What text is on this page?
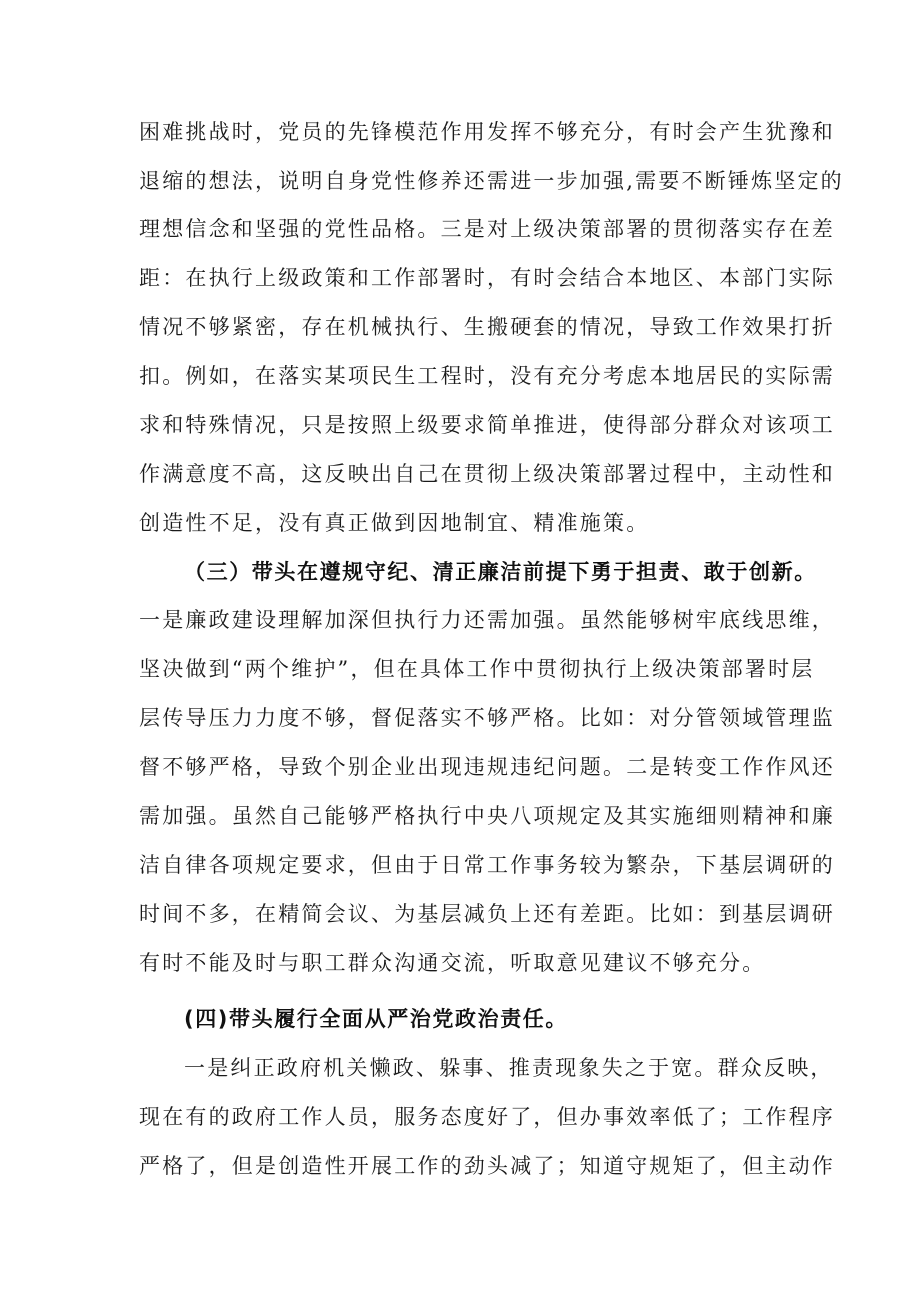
困难挑战时，党员的先锋模范作用发挥不够充分，有时会产生犹豫和
退缩的想法，说明自身党性修养还需进一步加强,需要不断锤炼坚定的
理想信念和坚强的党性品格。三是对上级决策部署的贯彻落实存在差
距：在执行上级政策和工作部署时，有时会结合本地区、本部门实际
情况不够紧密，存在机械执行、生搬硬套的情况，导致工作效果打折
扣。例如，在落实某项民生工程时，没有充分考虑本地居民的实际需
求和特殊情况，只是按照上级要求简单推进，使得部分群众对该项工
作满意度不高，这反映出自己在贯彻上级决策部署过程中，主动性和
创造性不足，没有真正做到因地制宜、精准施策。
（三）带头在遵规守纪、清正廉洁前提下勇于担责、敢于创新。
一是廉政建设理解加深但执行力还需加强。虽然能够树牢底线思维，
坚决做到“两个维护”，但在具体工作中贯彻执行上级决策部署时层
层传导压力力度不够，督促落实不够严格。比如：对分管领域管理监
督不够严格，导致个别企业出现违规违纪问题。二是转变工作作风还
需加强。虽然自己能够严格执行中央八项规定及其实施细则精神和廉
洁自律各项规定要求，但由于日常工作事务较为繁杂，下基层调研的
时间不多，在精简会议、为基层减负上还有差距。比如：到基层调研
有时不能及时与职工群众沟通交流，听取意见建议不够充分。
(四)带头履行全面从严治党政治责任。
一是纠正政府机关懒政、躲事、推责现象失之于宽。群众反映，
现在有的政府工作人员，服务态度好了，但办事效率低了；工作程序
严格了，但是创造性开展工作的劲头减了；知道守规矩了，但主动作
